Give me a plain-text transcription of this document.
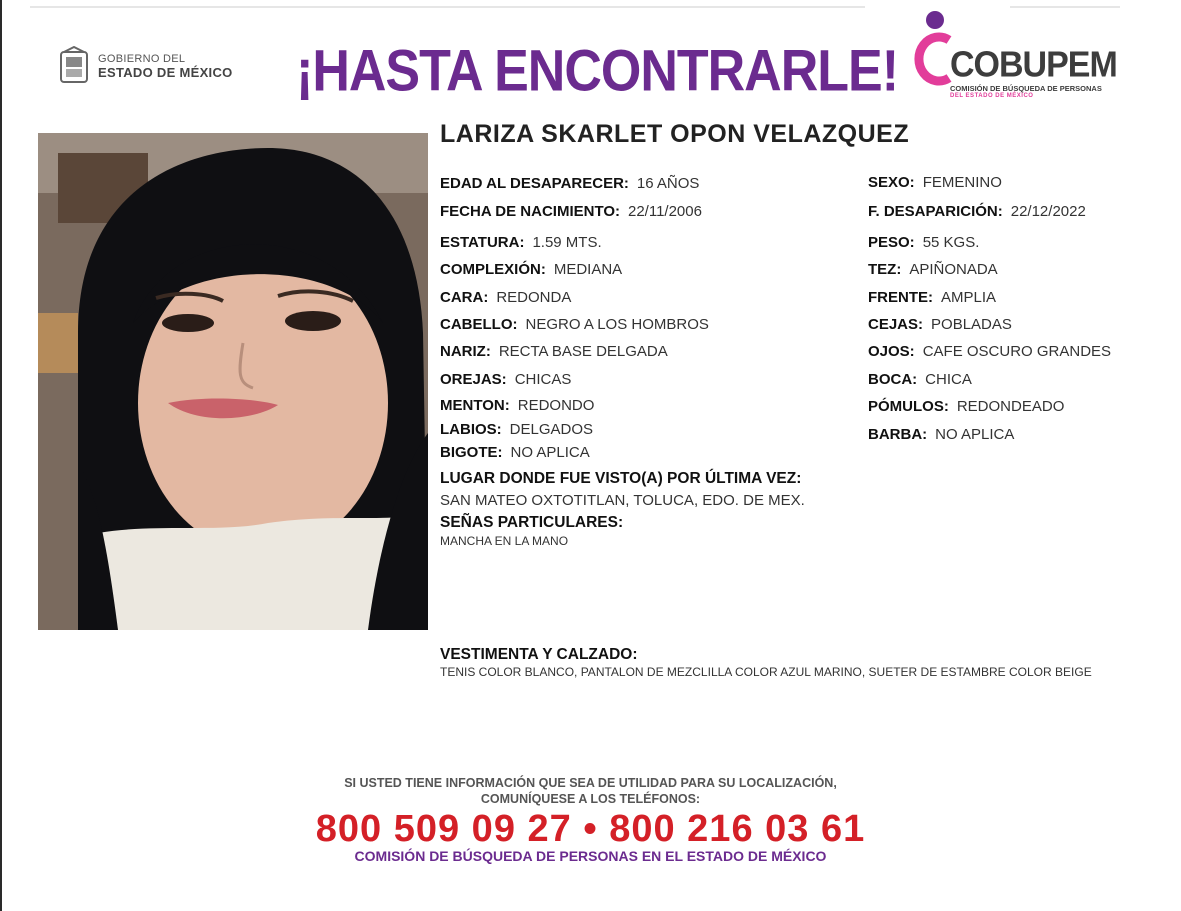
GOBIERNO DEL
ESTADO DE MÉXICO ¡HASTA ENCONTRARLE! COBUPEM
COMISIÓN DE BÚSQUEDA DE PERSONAS
DEL ESTADO DE MÉXICO
LARIZA SKARLET OPON VELAZQUEZ
EDAD AL DESAPARECER: 16 AÑOS
FECHA DE NACIMIENTO: 22/11/2006
ESTATURA: 1.59 MTS.
COMPLEXIÓN: MEDIANA
CARA: REDONDA
CABELLO: NEGRO A LOS HOMBROS
NARIZ: RECTA BASE DELGADA
OREJAS: CHICAS
MENTON: REDONDO
LABIOS: DELGADOS
BIGOTE: NO APLICA
SEXO: FEMENINO
F. DESAPARICIÓN: 22/12/2022
PESO: 55 KGS.
TEZ: APIÑONADA
FRENTE: AMPLIA
CEJAS: POBLADAS
OJOS: CAFE OSCURO GRANDES
BOCA: CHICA
PÓMULOS: REDONDEADO
BARBA: NO APLICA
LUGAR DONDE FUE VISTO(A) POR ÚLTIMA VEZ:
SAN MATEO OXTOTITLAN, TOLUCA, EDO. DE MEX.
SEÑAS PARTICULARES:
MANCHA EN LA MANO
VESTIMENTA Y CALZADO:
TENIS COLOR BLANCO, PANTALON DE MEZCLILLA COLOR AZUL MARINO, SUETER DE ESTAMBRE COLOR BEIGE
SI USTED TIENE INFORMACIÓN QUE SEA DE UTILIDAD PARA SU LOCALIZACIÓN,
COMUNÍQUESE A LOS TELÉFONOS:
800 509 09 27 • 800 216 03 61
COMISIÓN DE BÚSQUEDA DE PERSONAS EN EL ESTADO DE MÉXICO
